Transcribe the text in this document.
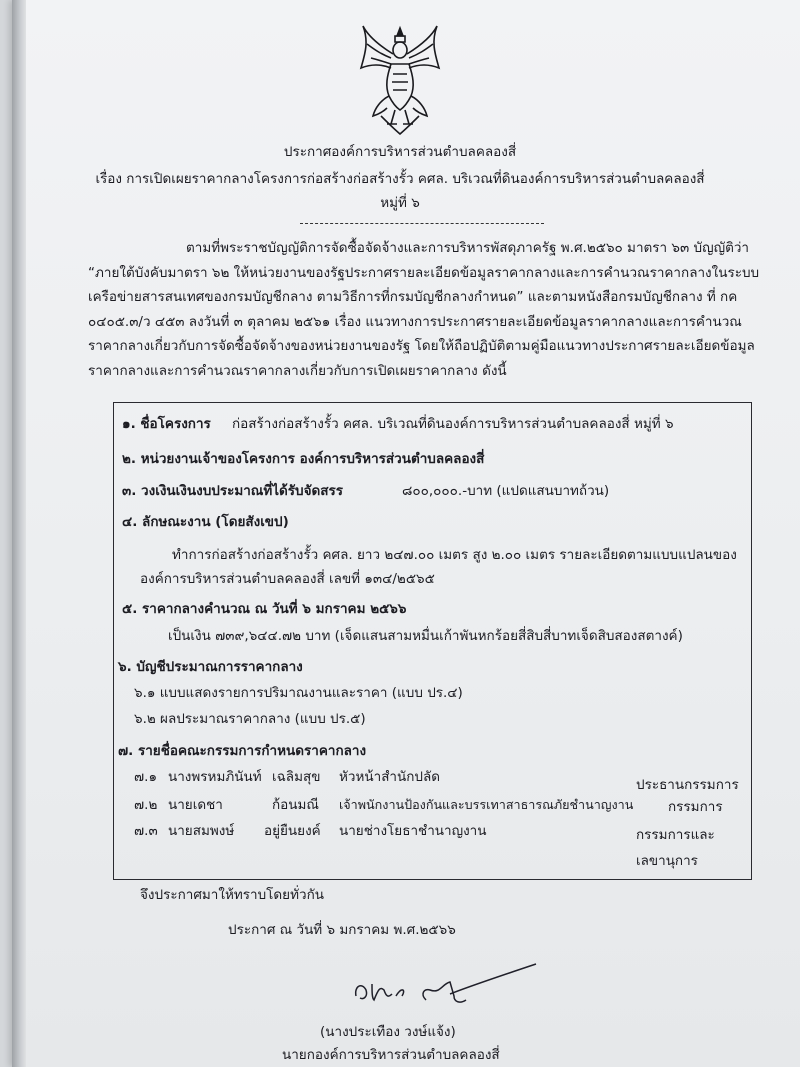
ประกาศองค์การบริหารส่วนตำบลคลองสี่
เรื่อง การเปิดเผยราคากลางโครงการก่อสร้างก่อสร้างรั้ว คศล. บริเวณที่ดินองค์การบริหารส่วนตำบลคลองสี่
หมู่ที่ ๖
ตามที่พระราชบัญญัติการจัดซื้อจัดจ้างและการบริหารพัสดุภาครัฐ พ.ศ.๒๕๖๐ มาตรา ๖๓ บัญญัติว่า
“ภายใต้บังคับมาตรา ๖๒ ให้หน่วยงานของรัฐประกาศรายละเอียดข้อมูลราคากลางและการคำนวณราคากลางในระบบ
เครือข่ายสารสนเทศของกรมบัญชีกลาง ตามวิธีการที่กรมบัญชีกลางกำหนด” และตามหนังสือกรมบัญชีกลาง ที่ กค
๐๔๐๕.๓/ว ๔๕๓ ลงวันที่ ๓ ตุลาคม ๒๕๖๑ เรื่อง แนวทางการประกาศรายละเอียดข้อมูลราคากลางและการคำนวณ
ราคากลางเกี่ยวกับการจัดซื้อจัดจ้างของหน่วยงานของรัฐ โดยให้ถือปฏิบัติตามคู่มือแนวทางประกาศรายละเอียดข้อมูล
ราคากลางและการคำนวณราคากลางเกี่ยวกับการเปิดเผยราคากลาง ดังนี้
๑. ชื่อโครงการ ก่อสร้างก่อสร้างรั้ว คศล. บริเวณที่ดินองค์การบริหารส่วนตำบลคลองสี่ หมู่ที่ ๖
๒. หน่วยงานเจ้าของโครงการ องค์การบริหารส่วนตำบลคลองสี่
๓. วงเงินเงินงบประมาณที่ได้รับจัดสรร	๘๐๐,๐๐๐.-บาท (แปดแสนบาทถ้วน)
๔. ลักษณะงาน (โดยสังเขป)
ทำการก่อสร้างก่อสร้างรั้ว คศล. ยาว ๒๔๗.๐๐ เมตร สูง ๒.๐๐ เมตร รายละเอียดตามแบบแปลนของ
องค์การบริหารส่วนตำบลคลองสี่ เลขที่ ๑๓๔/๒๕๖๕
๕. ราคากลางคำนวณ ณ วันที่ ๖ มกราคม ๒๕๖๖
เป็นเงิน ๗๓๙,๖๔๔.๗๒ บาท (เจ็ดแสนสามหมื่นเก้าพันหกร้อยสี่สิบสี่บาทเจ็ดสิบสองสตางค์)
๖. บัญชีประมาณการราคากลาง
๖.๑ แบบแสดงรายการปริมาณงานและราคา (แบบ ปร.๔)
๖.๒ ผลประมาณราคากลาง (แบบ ปร.๕)
๗. รายชื่อคณะกรรมการกำหนดราคากลาง
๗.๑ นางพรหมภินันท์ เฉลิมสุข หัวหน้าสำนักปลัด	ประธานกรรมการ
๗.๒ นายเดชา	ก้อนมณี เจ้าพนักงานป้องกันและบรรเทาสาธารณภัยชำนาญงาน	กรรมการ
๗.๓ นายสมพงษ์ อยู่ยืนยงค์ นายช่างโยธาชำนาญงาน	กรรมการและ
เลขานุการ
จึงประกาศมาให้ทราบโดยทั่วกัน
ประกาศ ณ วันที่ ๖ มกราคม พ.ศ.๒๕๖๖
(นางประเทือง วงษ์แจ้ง)
นายกองค์การบริหารส่วนตำบลคลองสี่
